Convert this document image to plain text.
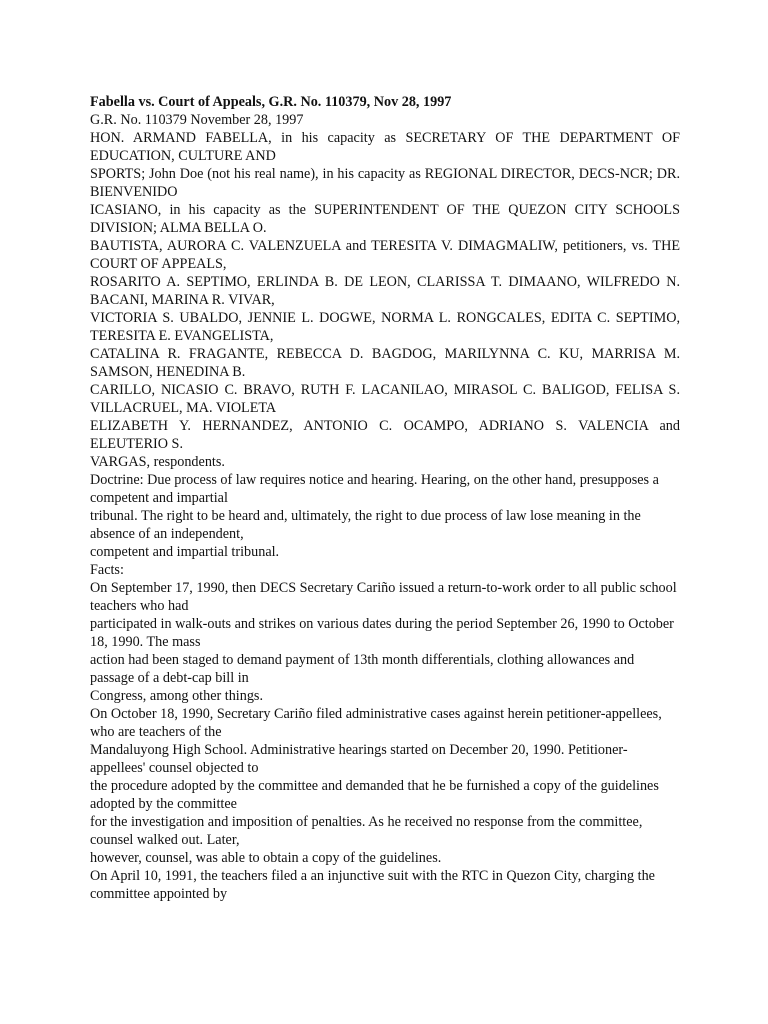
Fabella vs. Court of Appeals, G.R. No. 110379, Nov 28, 1997

G.R. No. 110379 November 28, 1997

HON. ARMAND FABELLA, in his capacity as SECRETARY OF THE DEPARTMENT OF EDUCATION, CULTURE AND

SPORTS; John Doe (not his real name), in his capacity as REGIONAL DIRECTOR, DECS-NCR; DR. BIENVENIDO

ICASIANO, in his capacity as the SUPERINTENDENT OF THE QUEZON CITY SCHOOLS DIVISION; ALMA BELLA O.

BAUTISTA, AURORA C. VALENZUELA and TERESITA V. DIMAGMALIW, petitioners, vs. THE COURT OF APPEALS,

ROSARITO A. SEPTIMO, ERLINDA B. DE LEON, CLARISSA T. DIMAANO, WILFREDO N. BACANI, MARINA R. VIVAR,

VICTORIA S. UBALDO, JENNIE L. DOGWE, NORMA L. RONGCALES, EDITA C. SEPTIMO, TERESITA E. EVANGELISTA,

CATALINA R. FRAGANTE, REBECCA D. BAGDOG, MARILYNNA C. KU, MARRISA M. SAMSON, HENEDINA B.

CARILLO, NICASIO C. BRAVO, RUTH F. LACANILAO, MIRASOL C. BALIGOD, FELISA S. VILLACRUEL, MA. VIOLETA

ELIZABETH Y. HERNANDEZ, ANTONIO C. OCAMPO, ADRIANO S. VALENCIA and ELEUTERIO S.

VARGAS, respondents.

Doctrine: Due process of law requires notice and hearing. Hearing, on the other hand, presupposes a competent and impartial

tribunal. The right to be heard and, ultimately, the right to due process of law lose meaning in the absence of an independent,

competent and impartial tribunal.

Facts:

On September 17, 1990, then DECS Secretary Cariño issued a return-to-work order to all public school teachers who had

participated in walk-outs and strikes on various dates during the period September 26, 1990 to October 18, 1990. The mass

action had been staged to demand payment of 13th month differentials, clothing allowances and passage of a debt-cap bill in

Congress, among other things.

On October 18, 1990, Secretary Cariño filed administrative cases against herein petitioner-appellees, who are teachers of the

Mandaluyong High School. Administrative hearings started on December 20, 1990. Petitioner-appellees' counsel objected to

the procedure adopted by the committee and demanded that he be furnished a copy of the guidelines adopted by the committee

for the investigation and imposition of penalties. As he received no response from the committee, counsel walked out. Later,

however, counsel, was able to obtain a copy of the guidelines.

On April 10, 1991, the teachers filed a an injunctive suit with the RTC in Quezon City, charging the committee appointed by
